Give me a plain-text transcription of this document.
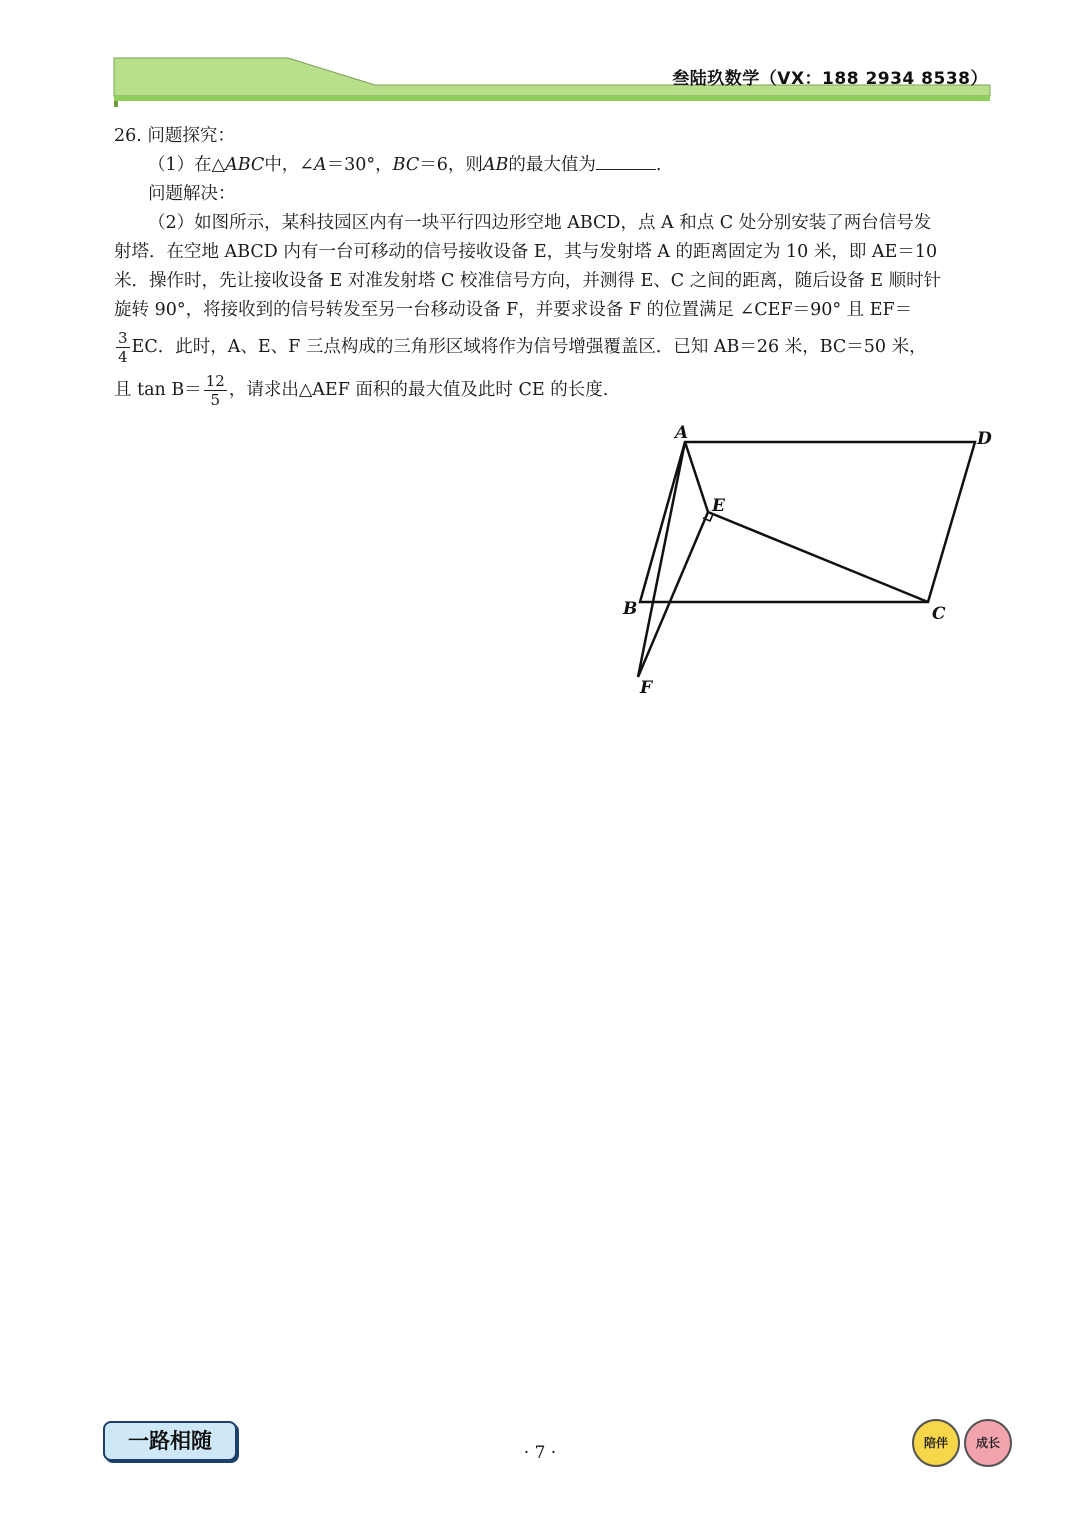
叁陆玖数学（VX：188 2934 8538）
26. 问题探究：
（1）在△ABC中，∠A＝30°，BC＝6，则AB的最大值为	.
问题解决：
（2）如图所示，某科技园区内有一块平行四边形空地 ABCD，点 A 和点 C 处分别安装了两台信号发
射塔．在空地 ABCD 内有一台可移动的信号接收设备 E，其与发射塔 A 的距离固定为 10 米，即 AE＝10
米．操作时，先让接收设备 E 对准发射塔 C 校准信号方向，并测得 E、C 之间的距离，随后设备 E 顺时针
旋转 90°，将接收到的信号转发至另一台移动设备 F，并要求设备 F 的位置满足 ∠CEF＝90° 且 EF＝
$\frac{3}{4}$ EC．此时，A、E、F 三点构成的三角形区域将作为信号增强覆盖区．已知 AB＝26 米，BC＝50 米，
且 $\tan B= \frac{12}{5}$ ，请求出△AEF 面积的最大值及此时 CE 的长度.
A	D
E
B	C
F
一路相随	· 7 ·	陪伴	成长
